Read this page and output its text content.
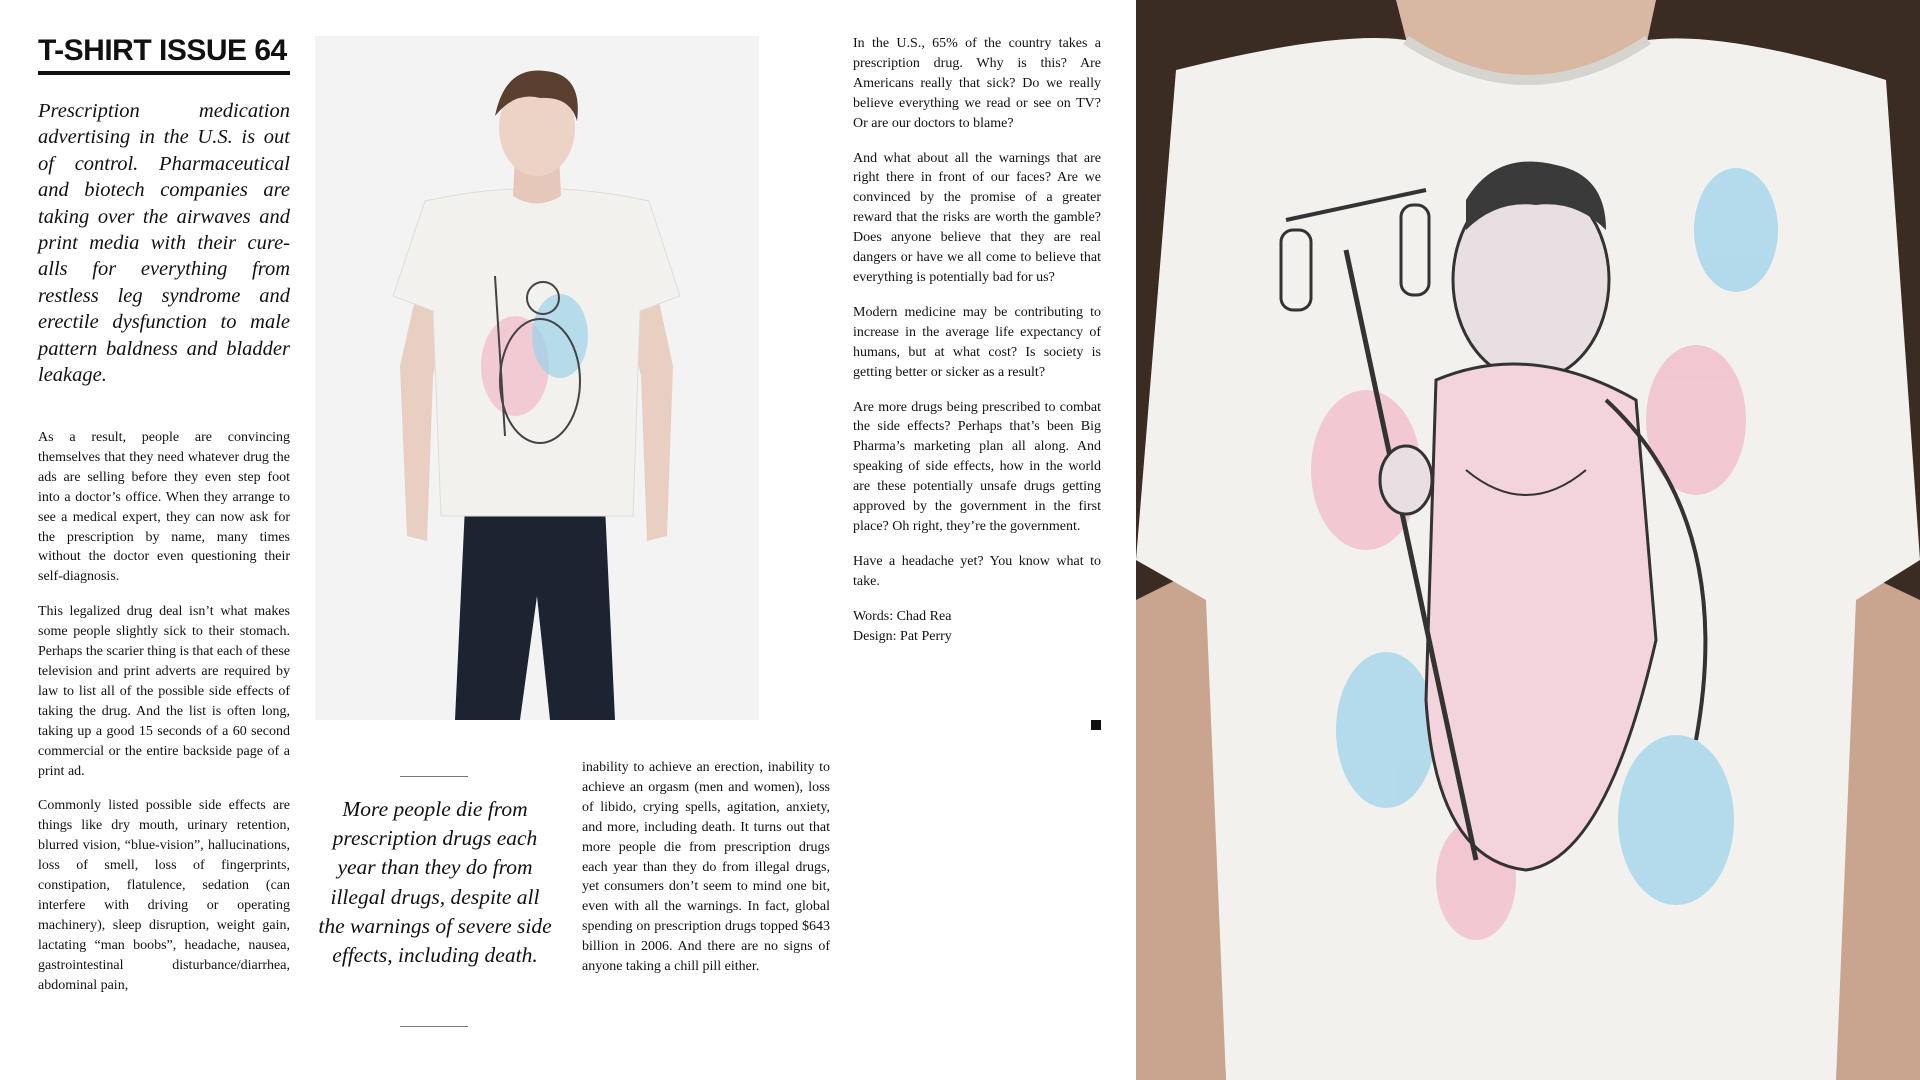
T-SHIRT ISSUE 64

Prescription medication advertising in the U.S. is out of control. Pharmaceutical and biotech companies are taking over the airwaves and print media with their cure-alls for everything from restless leg syndrome and erectile dysfunction to male pattern baldness and bladder leakage.

As a result, people are convincing themselves that they need whatever drug the ads are selling before they even step foot into a doctor’s office. When they arrange to see a medical expert, they can now ask for the prescription by name, many times without the doctor even questioning their self-diagnosis.

This legalized drug deal isn’t what makes some people slightly sick to their stomach. Perhaps the scarier thing is that each of these television and print adverts are required by law to list all of the possible side effects of taking the drug. And the list is often long, taking up a good 15 seconds of a 60 second commercial or the entire backside page of a print ad.

Commonly listed possible side effects are things like dry mouth, urinary retention, blurred vision, “blue-vision”, hallucinations, loss of smell, loss of fingerprints, constipation, flatulence, sedation (can interfere with driving or operating machinery), sleep disruption, weight gain, lactating “man boobs”, headache, nausea, gastrointestinal disturbance/diarrhea, abdominal pain,

More people die from prescription drugs each year than they do from illegal drugs, despite all the warnings of severe side effects, including death.

inability to achieve an erection, inability to achieve an orgasm (men and women), loss of libido, crying spells, agitation, anxiety, and more, including death. It turns out that more people die from prescription drugs each year than they do from illegal drugs, yet consumers don’t seem to mind one bit, even with all the warnings. In fact, global spending on prescription drugs topped $643 billion in 2006. And there are no signs of anyone taking a chill pill either.

In the U.S., 65% of the country takes a prescription drug. Why is this? Are Americans really that sick? Do we really believe everything we read or see on TV? Or are our doctors to blame?

And what about all the warnings that are right there in front of our faces? Are we convinced by the promise of a greater reward that the risks are worth the gamble? Does anyone believe that they are real dangers or have we all come to believe that everything is potentially bad for us?

Modern medicine may be contributing to increase in the average life expectancy of humans, but at what cost? Is society is getting better or sicker as a result?

Are more drugs being prescribed to combat the side effects? Perhaps that’s been Big Pharma’s marketing plan all along. And speaking of side effects, how in the world are these potentially unsafe drugs getting approved by the government in the first place? Oh right, they’re the government.

Have a headache yet? You know what to take.

Words: Chad Rea

Design: Pat Perry
